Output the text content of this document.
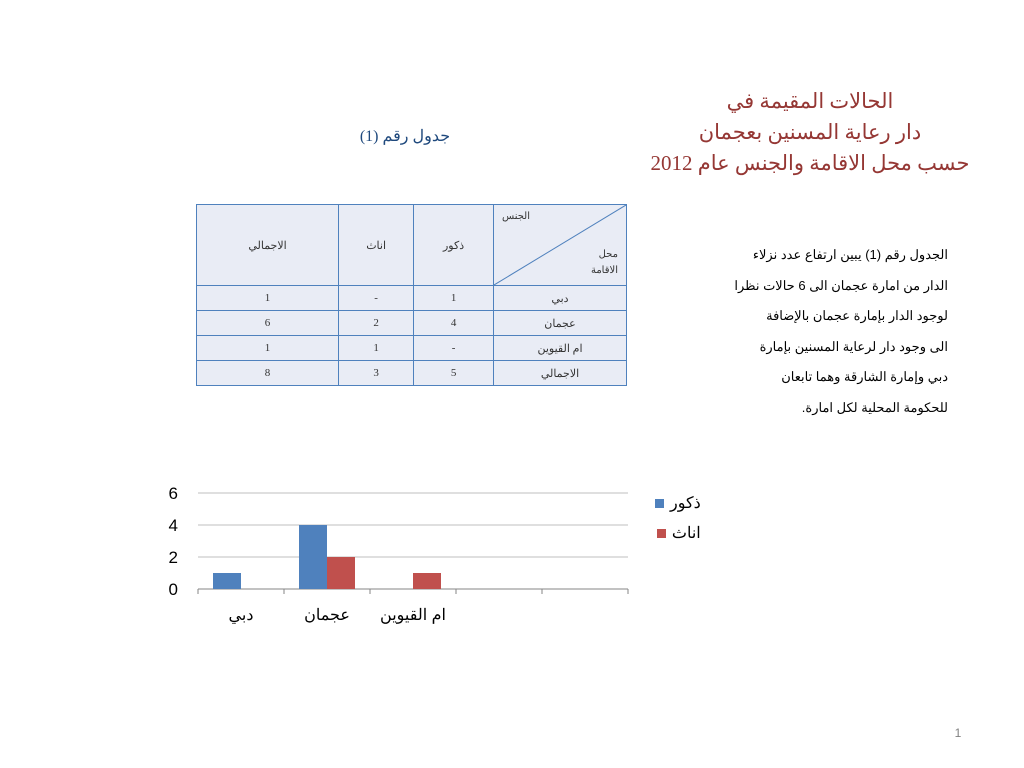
الحالات المقيمة في
دار رعاية المسنين بعجمان
حسب محل الاقامة والجنس عام 2012
جدول رقم (1)
الجنس
محل
الاقامة	ذكور	اناث	الاجمالي
دبي	1	-	1
عجمان	4	2	6
ام القيوين	-	1	1
الاجمالي	5	3	8
الجدول رقم (1) يبين ارتفاع عدد نزلاء
الدار من امارة عجمان الى 6 حالات نظرا
لوجود الدار بإمارة عجمان بالإضافة
الى وجود دار لرعاية المسنين بإمارة
دبي وإمارة الشارقة وهما تابعان
للحكومة المحلية لكل امارة.
0
2
4
6
دبي	عجمان ام القيوين
ذكور
اناث
1
